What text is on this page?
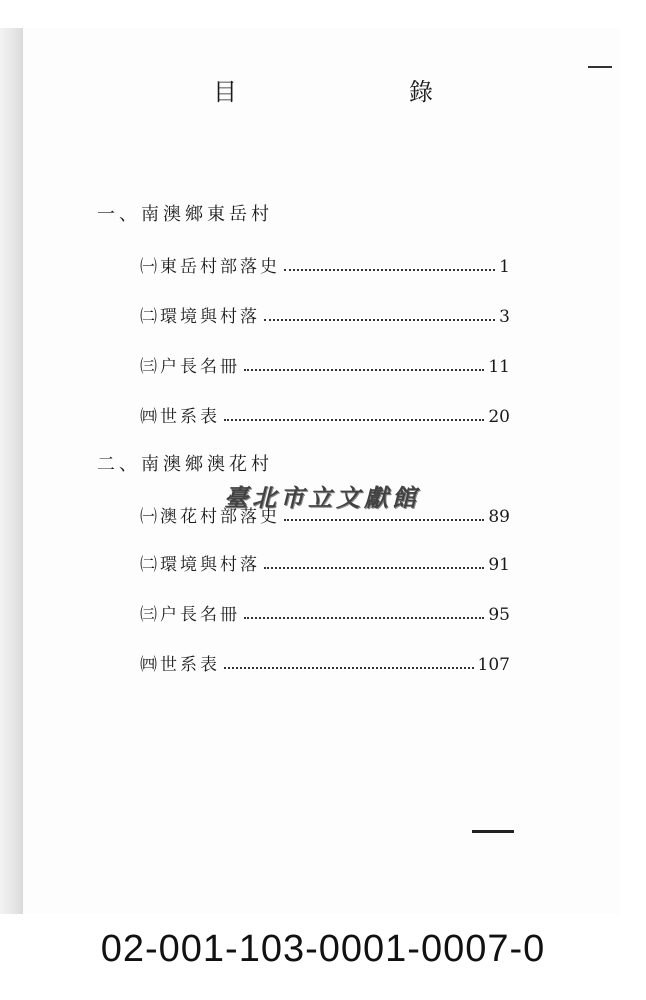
目	錄
一、南澳鄉東岳村
㈠東岳村部落史	1
㈡環境與村落	3
㈢户長名冊	11
㈣世系表	20
二、南澳鄉澳花村
㈠澳花村部落史	89
㈡環境與村落	91
㈢户長名冊	95
㈣世系表	107
臺北市立文獻館
02-001-103-0001-0007-0
